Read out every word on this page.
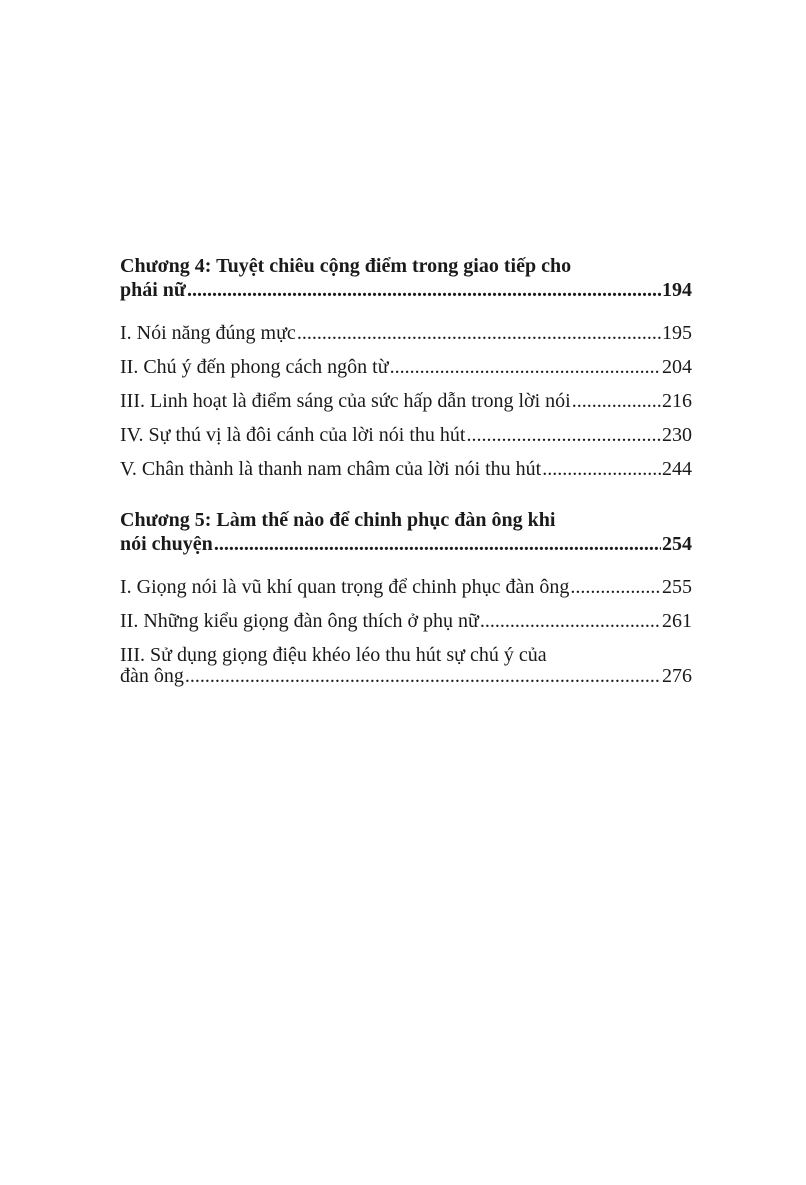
Chương 4: Tuyệt chiêu cộng điểm trong giao tiếp cho
phái nữ .....	194
I. Nói năng đúng mực .....	195
II. Chú ý đến phong cách ngôn từ .....	204
III. Linh hoạt là điểm sáng của sức hấp dẫn trong lời nói .....	216
IV. Sự thú vị là đôi cánh của lời nói thu hút .....	230
V. Chân thành là thanh nam châm của lời nói thu hút .....	244
Chương 5: Làm thế nào để chinh phục đàn ông khi
nói chuyện .....	254
I. Giọng nói là vũ khí quan trọng để chinh phục đàn ông .....	255
II. Những kiểu giọng đàn ông thích ở phụ nữ .....	261
III. Sử dụng giọng điệu khéo léo thu hút sự chú ý của
đàn ông .....	276
